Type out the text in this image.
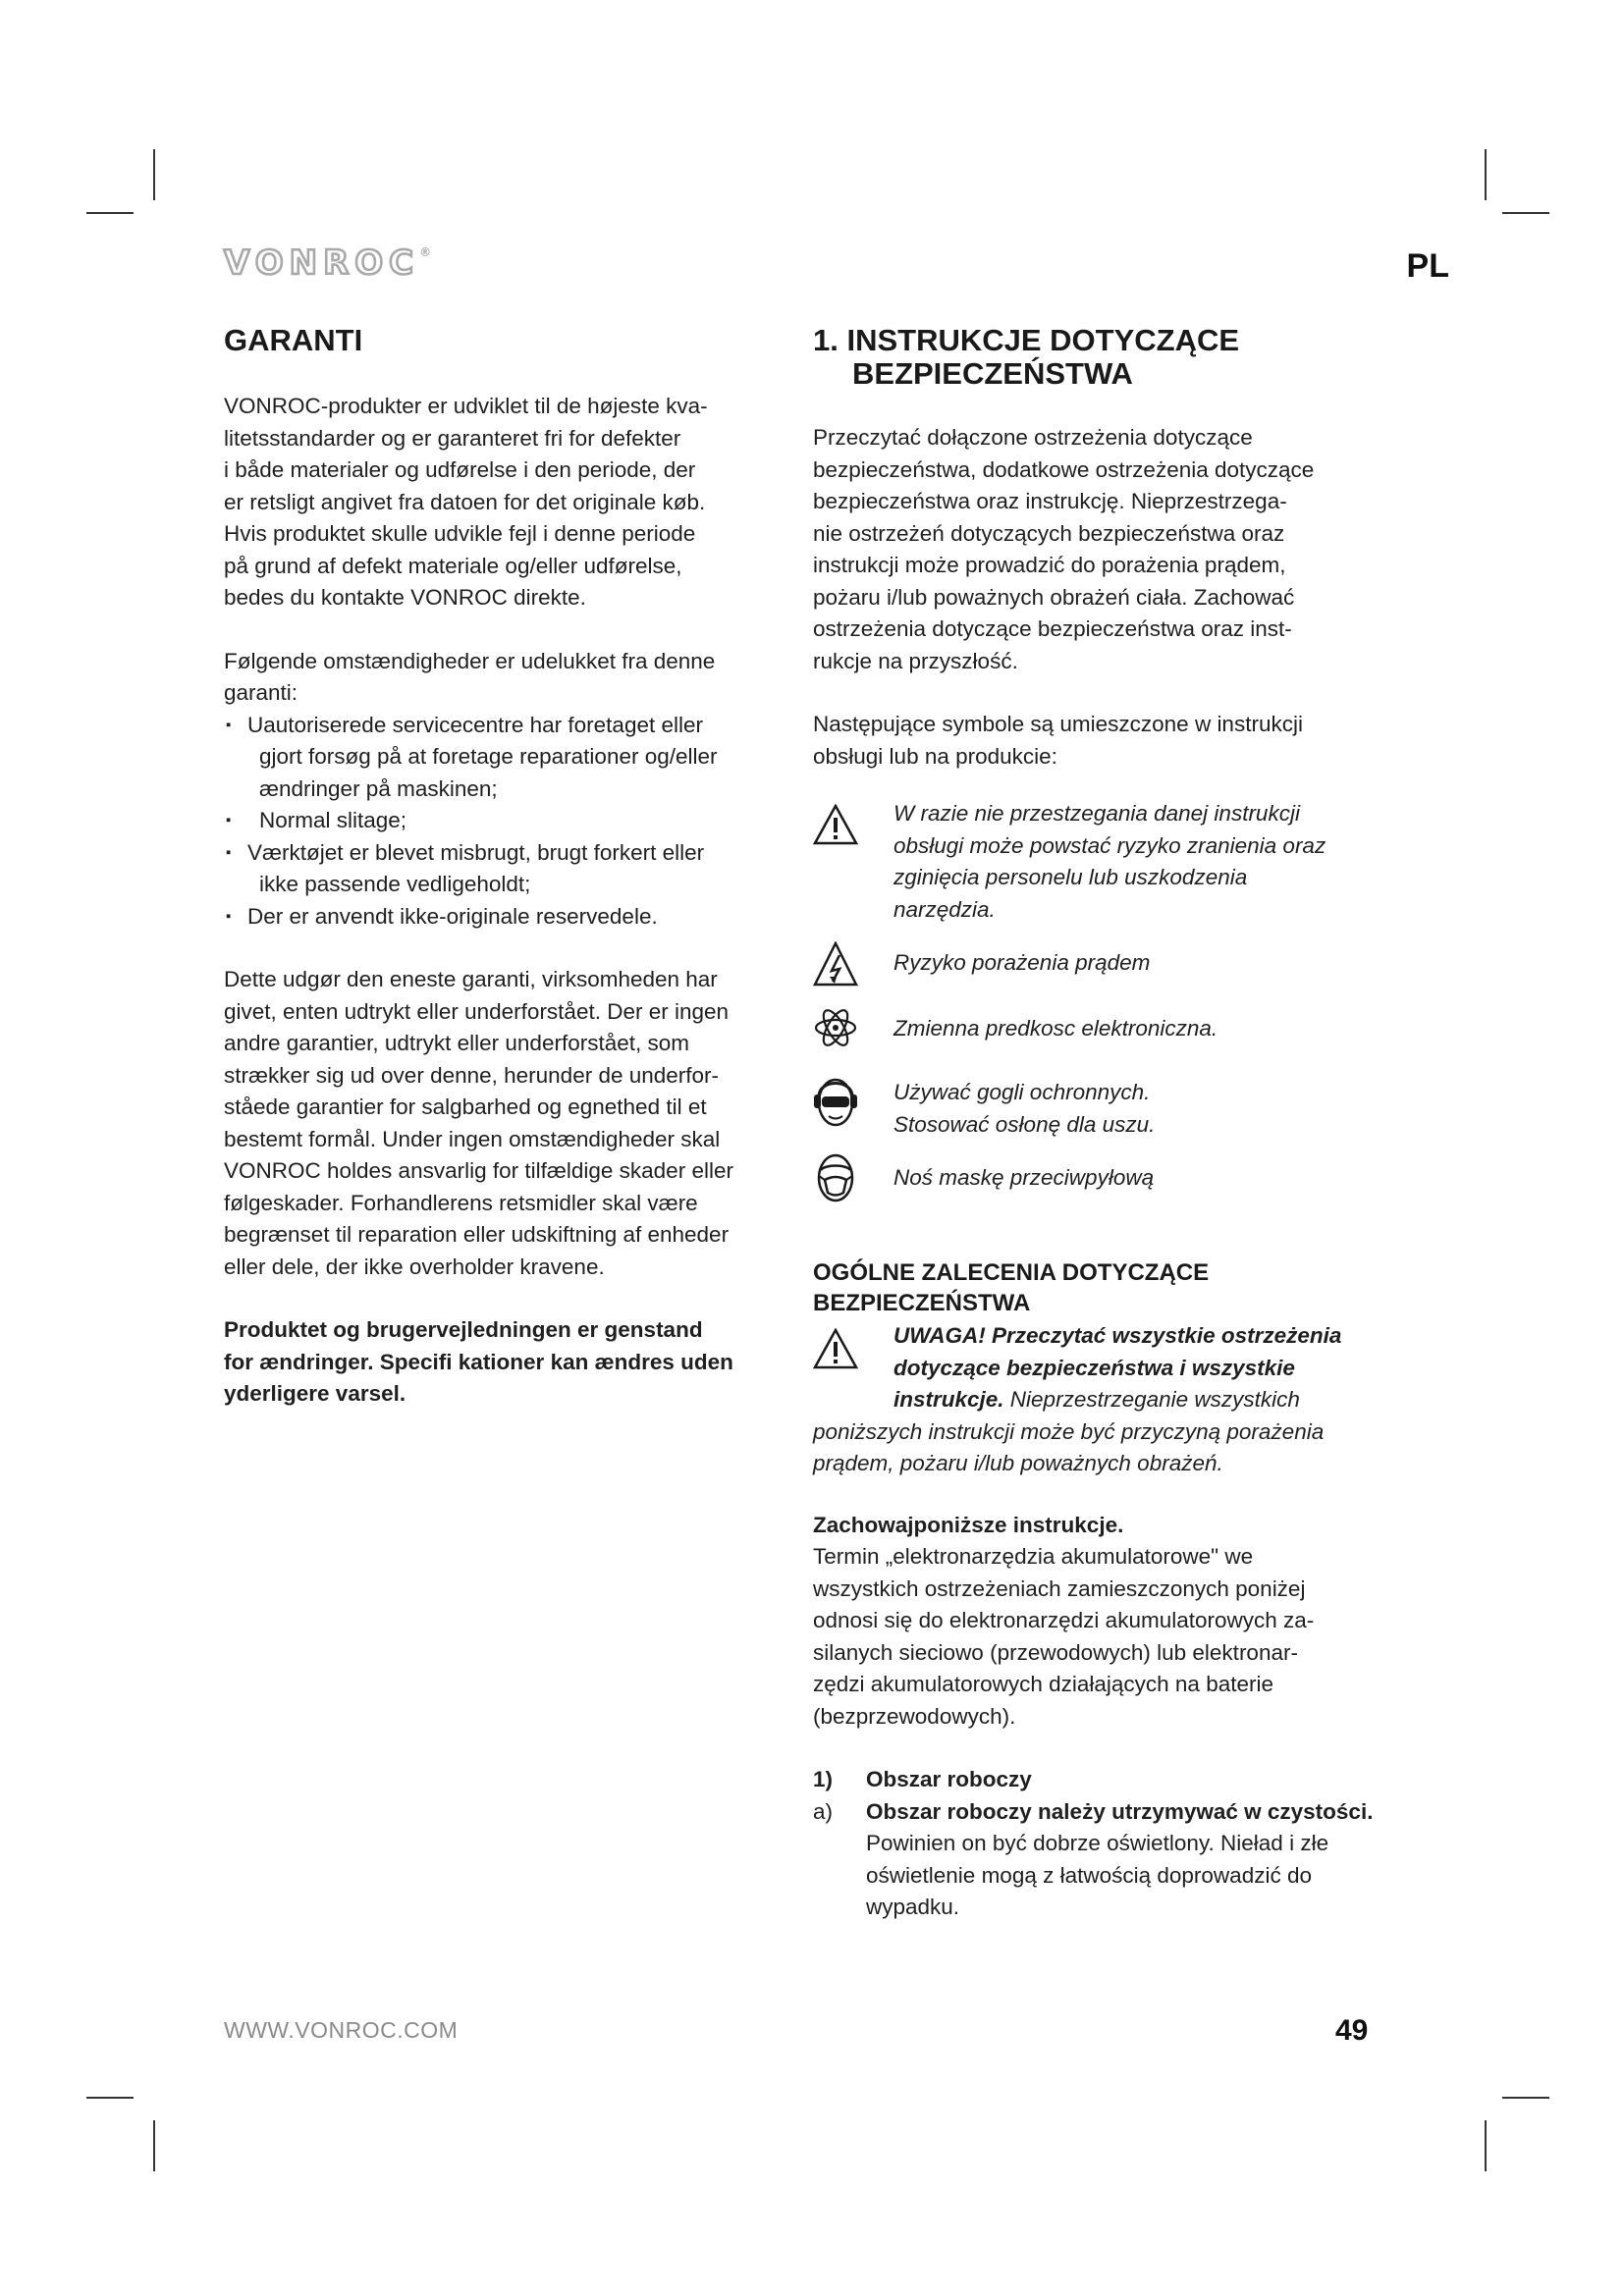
VONROC®	PL
GARANTI

VONROC-produkter er udviklet til de højeste kva-
litetsstandarder og er garanteret fri for defekter
i både materialer og udførelse i den periode, der
er retsligt angivet fra datoen for det originale køb.
Hvis produktet skulle udvikle fejl i denne periode
på grund af defekt materiale og/eller udførelse,
bedes du kontakte VONROC direkte.

Følgende omstændigheder er udelukket fra denne
garanti:

▪ Uautoriserede servicecentre har foretaget eller
gjort forsøg på at foretage reparationer og/eller
ændringer på maskinen;
▪ Normal slitage;
▪ Værktøjet er blevet misbrugt, brugt forkert eller
ikke passende vedligeholdt;
▪ Der er anvendt ikke-originale reservedele.

Dette udgør den eneste garanti, virksomheden har
givet, enten udtrykt eller underforstået. Der er ingen
andre garantier, udtrykt eller underforstået, som
strækker sig ud over denne, herunder de underfor-
ståede garantier for salgbarhed og egnethed til et
bestemt formål. Under ingen omstændigheder skal
VONROC holdes ansvarlig for tilfældige skader eller
følgeskader. Forhandlerens retsmidler skal være
begrænset til reparation eller udskiftning af enheder
eller dele, der ikke overholder kravene.

Produktet og brugervejledningen er genstand
for ændringer. Specifi kationer kan ændres uden
yderligere varsel.

1. INSTRUKCJE DOTYCZĄCE
BEZPIECZEŃSTWA

Przeczytać dołączone ostrzeżenia dotyczące
bezpieczeństwa, dodatkowe ostrzeżenia dotyczące
bezpieczeństwa oraz instrukcję. Nieprzestrzega-
nie ostrzeżeń dotyczących bezpieczeństwa oraz
instrukcji może prowadzić do porażenia prądem,
pożaru i/lub poważnych obrażeń ciała. Zachować
ostrzeżenia dotyczące bezpieczeństwa oraz inst-
rukcje na przyszłość.

Następujące symbole są umieszczone w instrukcji
obsługi lub na produkcie:

W razie nie przestzegania danej instrukcji
obsługi może powstać ryzyko zranienia oraz
zginięcia personelu lub uszkodzenia
narzędzia.
Ryzyko porażenia prądem
Zmienna predkosc elektroniczna.
Używać gogli ochronnych.
Stosować osłonę dla uszu.
Noś maskę przeciwpyłową
OGÓLNE ZALECENIA DOTYCZĄCE
BEZPIECZEŃSTWA
UWAGA! Przeczytać wszystkie ostrzeżenia
dotyczące bezpieczeństwa i wszystkie
instrukcje. Nieprzestrzeganie wszystkich

poniższych instrukcji może być przyczyną porażenia
prądem, pożaru i/lub poważnych obrażeń.

Zachowajponiższe instrukcje.

Termin „elektronarzędzia akumulatorowe" we
wszystkich ostrzeżeniach zamieszczonych poniżej
odnosi się do elektronarzędzi akumulatorowych za-
silanych sieciowo (przewodowych) lub elektronar-
zędzi akumulatorowych działających na baterie
(bezprzewodowych).

1)	Obszar roboczy
a)	Obszar roboczy należy utrzymywać w czystości.
Powinien on być dobrze oświetlony. Nieład i złe
oświetlenie mogą z łatwością doprowadzić do
wypadku.
WWW.VONROC.COM	49
